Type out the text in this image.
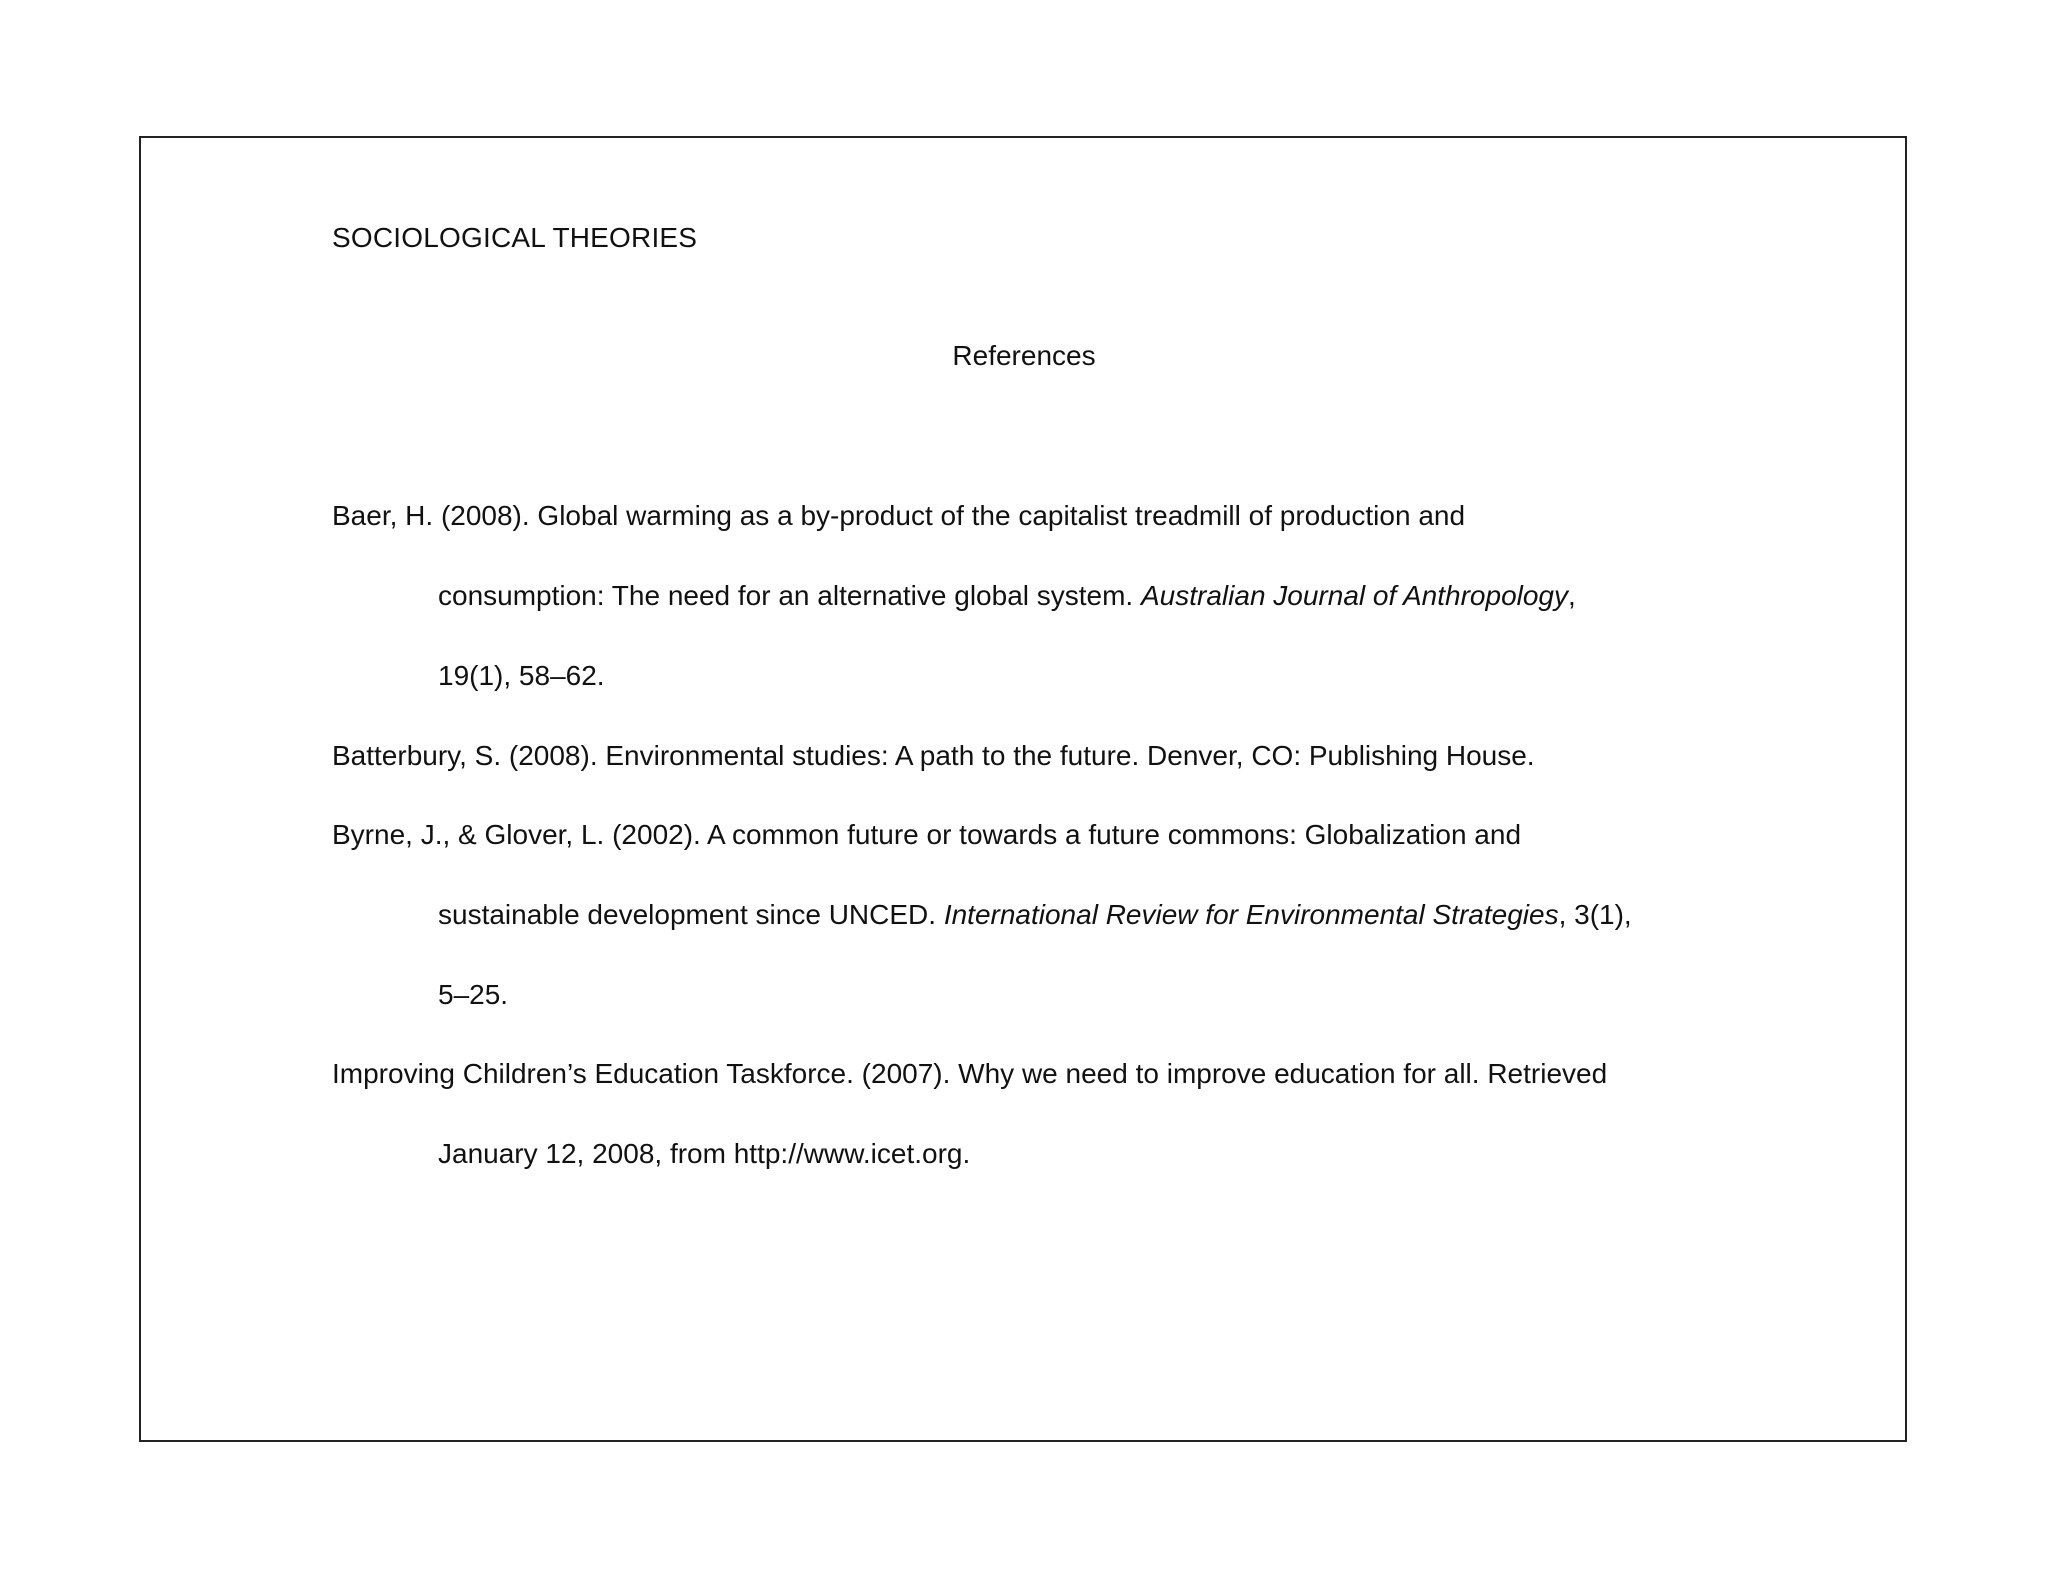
SOCIOLOGICAL THEORIES
References
Baer, H. (2008). Global warming as a by-product of the capitalist treadmill of production and
consumption: The need for an alternative global system. Australian Journal of Anthropology,
19(1), 58–62.
Batterbury, S. (2008). Environmental studies: A path to the future. Denver, CO: Publishing House.
Byrne, J., & Glover, L. (2002). A common future or towards a future commons: Globalization and
sustainable development since UNCED. International Review for Environmental Strategies, 3(1),
5–25.
Improving Children’s Education Taskforce. (2007). Why we need to improve education for all. Retrieved
January 12, 2008, from http://www.icet.org.
